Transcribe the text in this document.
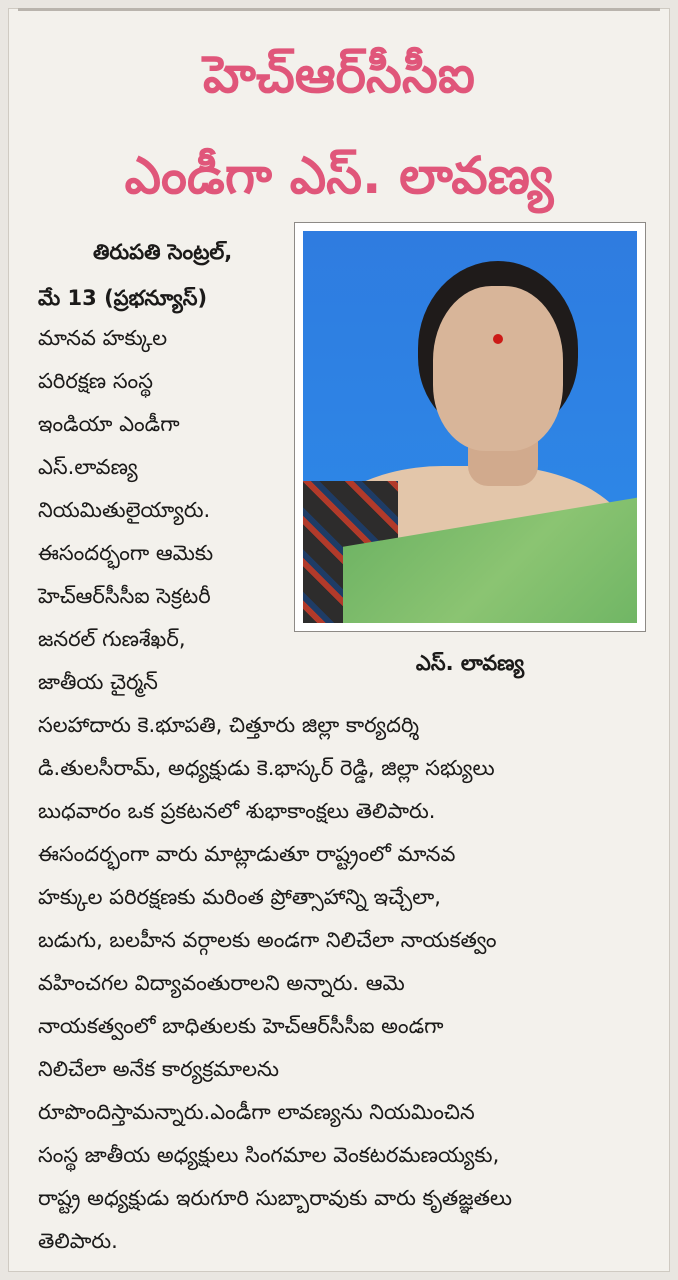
హెచ్‌ఆర్‌సీసీఐ
ఎండీగా ఎస్. లావణ్య
తిరుపతి సెంట్రల్,
మే 13 (ప్రభన్యూస్)
ఎస్. లావణ్య
మానవ హక్కుల
పరిరక్షణ సంస్థ
ఇండియా ఎండీగా
ఎస్.లావణ్య
నియమితులైయ్యారు.
ఈసందర్భంగా ఆమెకు
హెచ్‌ఆర్‌సీసీఐ సెక్రటరీ
జనరల్ గుణశేఖర్,
జాతీయ చైర్మన్
సలహాదారు కె.భూపతి, చిత్తూరు జిల్లా కార్యదర్శి
డి.తులసీరామ్, అధ్యక్షుడు కె.భాస్కర్ రెడ్డి, జిల్లా సభ్యులు
బుధవారం ఒక ప్రకటనలో శుభాకాంక్షలు తెలిపారు.
ఈసందర్భంగా వారు మాట్లాడుతూ రాష్ట్రంలో మానవ
హక్కుల పరిరక్షణకు మరింత ప్రోత్సాహాన్ని ఇచ్చేలా,
బడుగు, బలహీన వర్గాలకు అండగా నిలిచేలా నాయకత్వం
వహించగల విద్యావంతురాలని అన్నారు. ఆమె
నాయకత్వంలో బాధితులకు హెచ్‌ఆర్‌సీసీఐ అండగా
నిలిచేలా అనేక కార్యక్రమాలను
రూపొందిస్తామన్నారు.ఎండీగా లావణ్యను నియమించిన
సంస్థ జాతీయ అధ్యక్షులు సింగమాల వెంకటరమణయ్యకు,
రాష్ట్ర అధ్యక్షుడు ఇరుగూరి సుబ్బారావుకు వారు కృతజ్ఞతలు
తెలిపారు.
